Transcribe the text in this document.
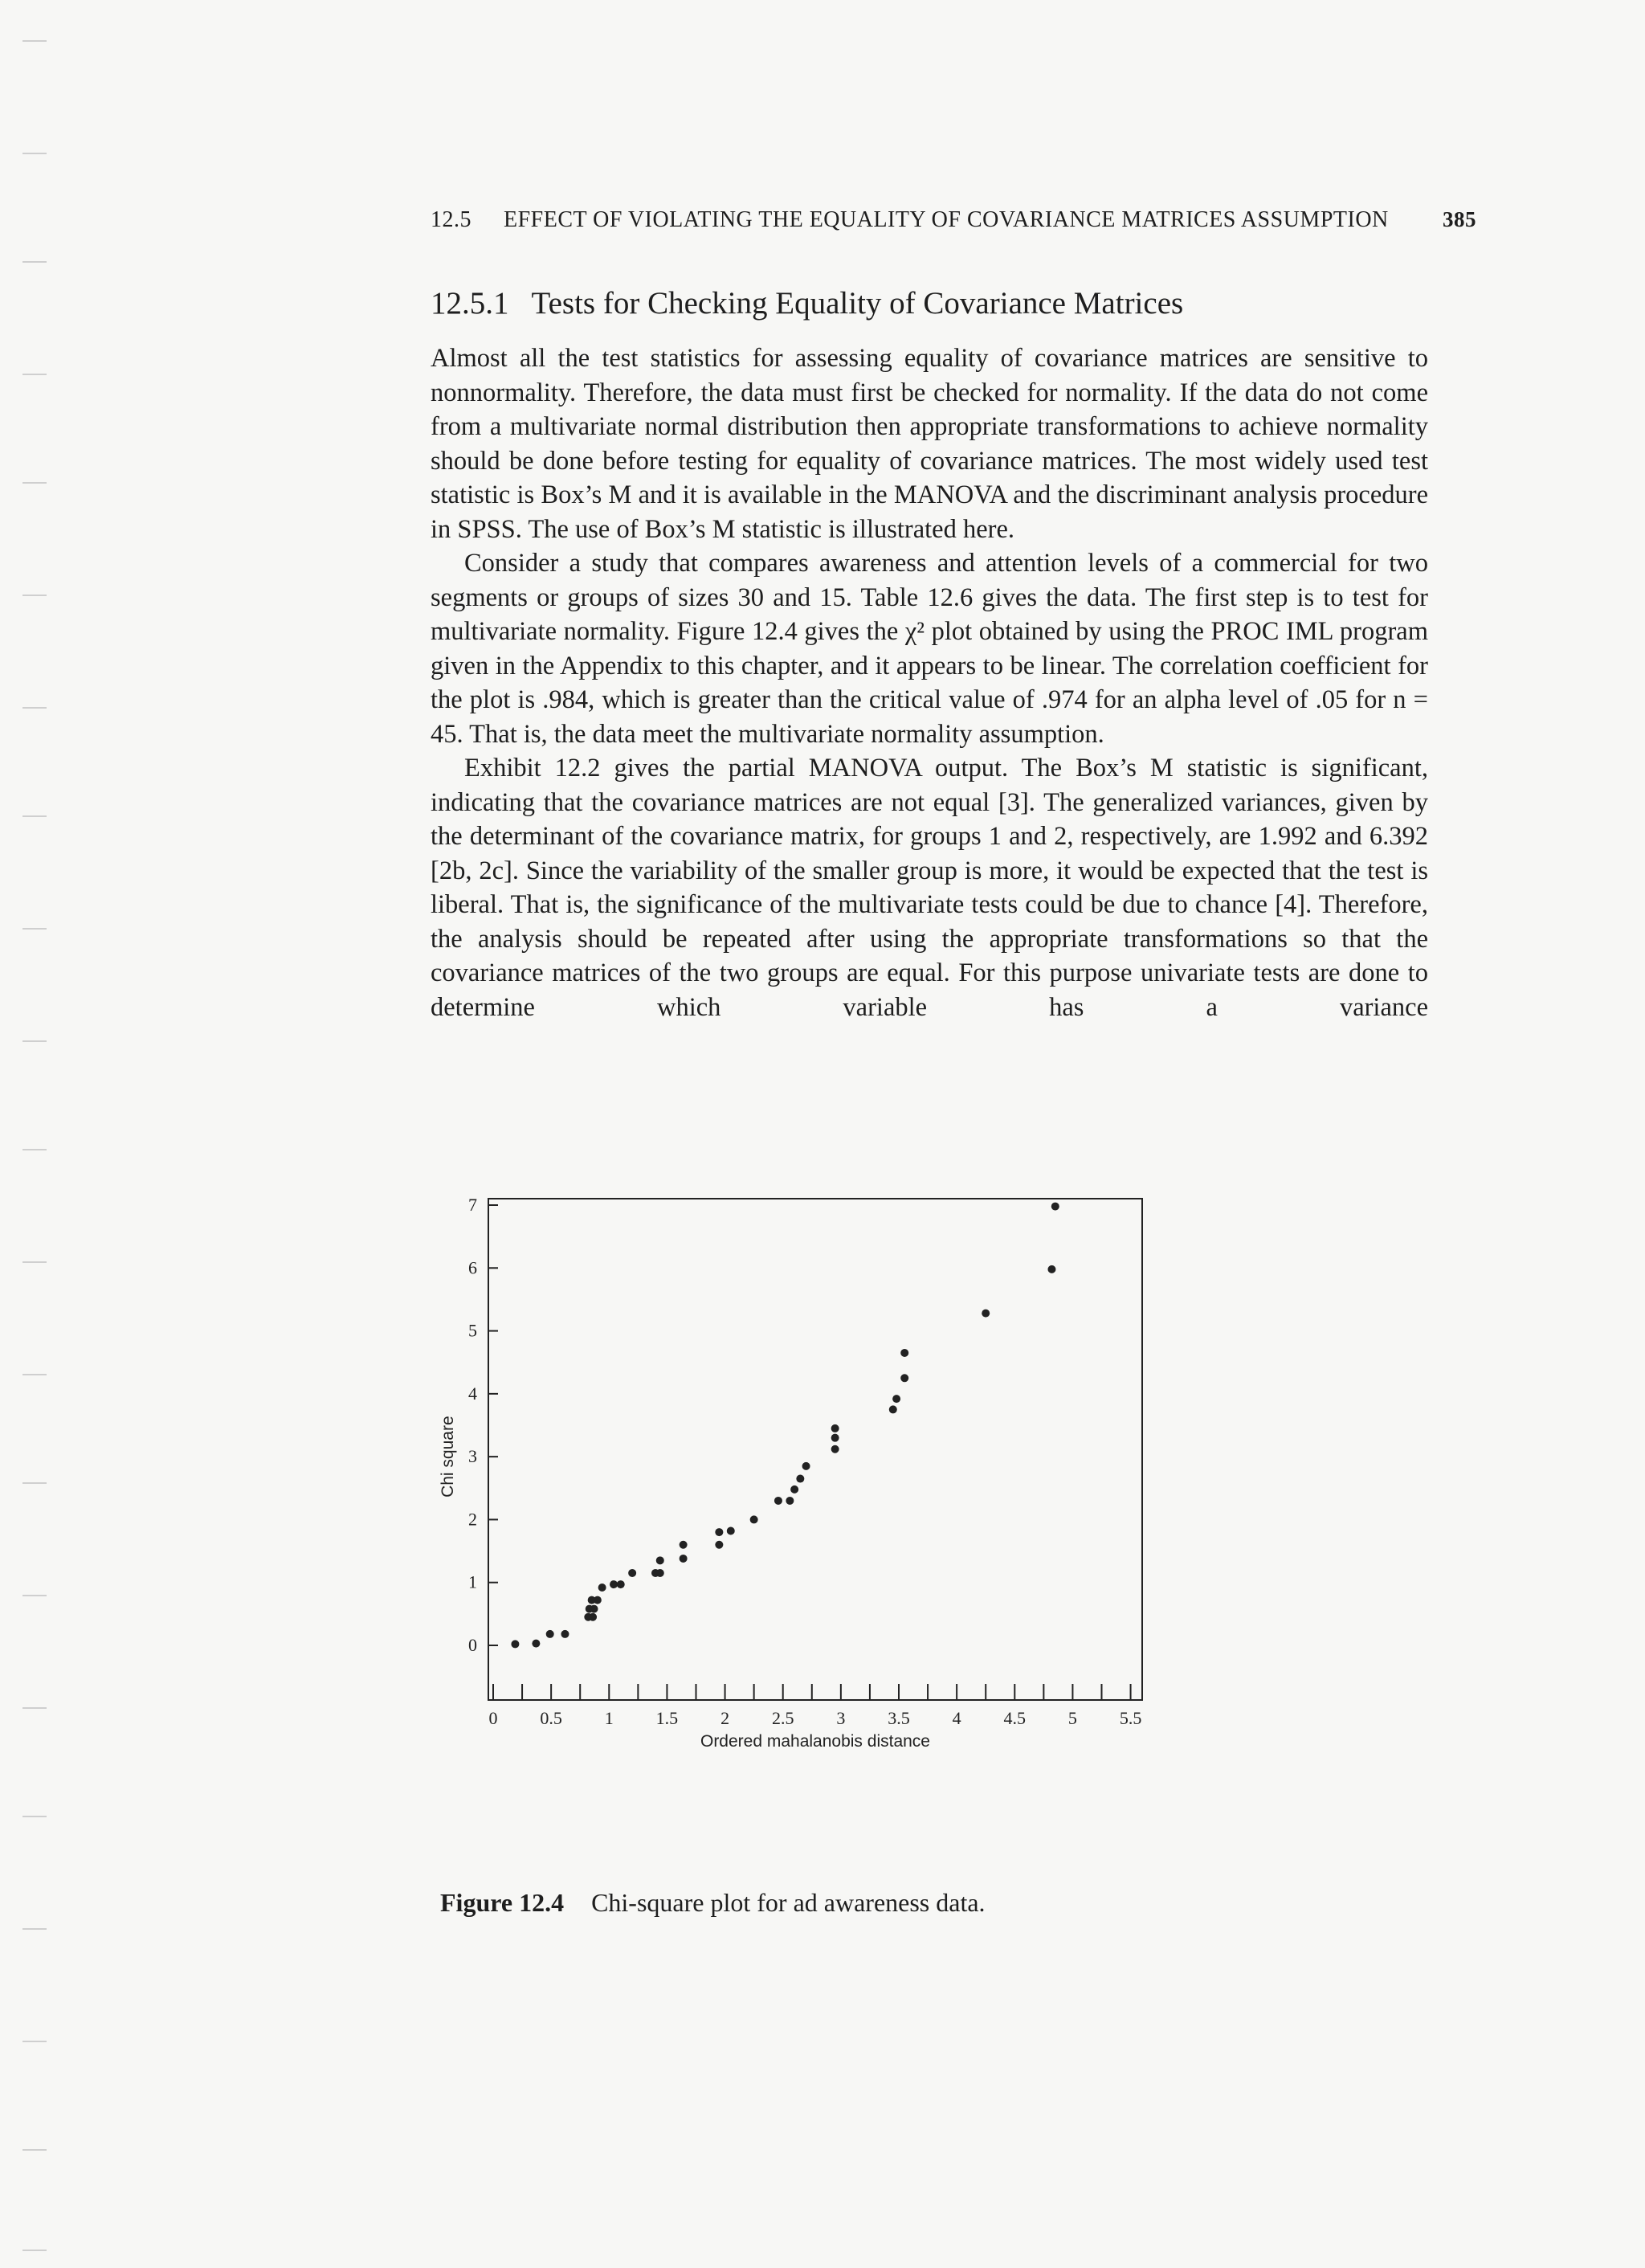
12.5 EFFECT OF VIOLATING THE EQUALITY OF COVARIANCE MATRICES ASSUMPTION 385
12.5.1 Tests for Checking Equality of Covariance Matrices

Almost all the test statistics for assessing equality of covariance matrices are sensitive to nonnormality. Therefore, the data must first be checked for normality. If the data do not come from a multivariate normal distribution then appropriate transformations to achieve normality should be done before testing for equality of covariance matrices. The most widely used test statistic is Box’s M and it is available in the MANOVA and the discriminant analysis procedure in SPSS. The use of Box’s M statistic is illustrated here.

Consider a study that compares awareness and attention levels of a commercial for two segments or groups of sizes 30 and 15. Table 12.6 gives the data. The first step is to test for multivariate normality. Figure 12.4 gives the χ² plot obtained by using the PROC IML program given in the Appendix to this chapter, and it appears to be linear. The correlation coefficient for the plot is .984, which is greater than the critical value of .974 for an alpha level of .05 for n = 45. That is, the data meet the multivariate normality assumption.

Exhibit 12.2 gives the partial MANOVA output. The Box’s M statistic is significant, indicating that the covariance matrices are not equal [3]. The generalized variances, given by the determinant of the covariance matrix, for groups 1 and 2, respectively, are 1.992 and 6.392 [2b, 2c]. Since the variability of the smaller group is more, it would be expected that the test is liberal. That is, the significance of the multivariate tests could be due to chance [4]. Therefore, the analysis should be repeated after using the appropriate transformations so that the covariance matrices of the two groups are equal. For this purpose univariate tests are done to determine which variable has a variance

0
1
2
3
4
5
6
7
0 0.5 1 1.5 2 2.5 3 3.5 4 4.5 5 5.5
Ordered mahalanobis distance
Chi square
Figure 12.4 Chi-square plot for ad awareness data.
